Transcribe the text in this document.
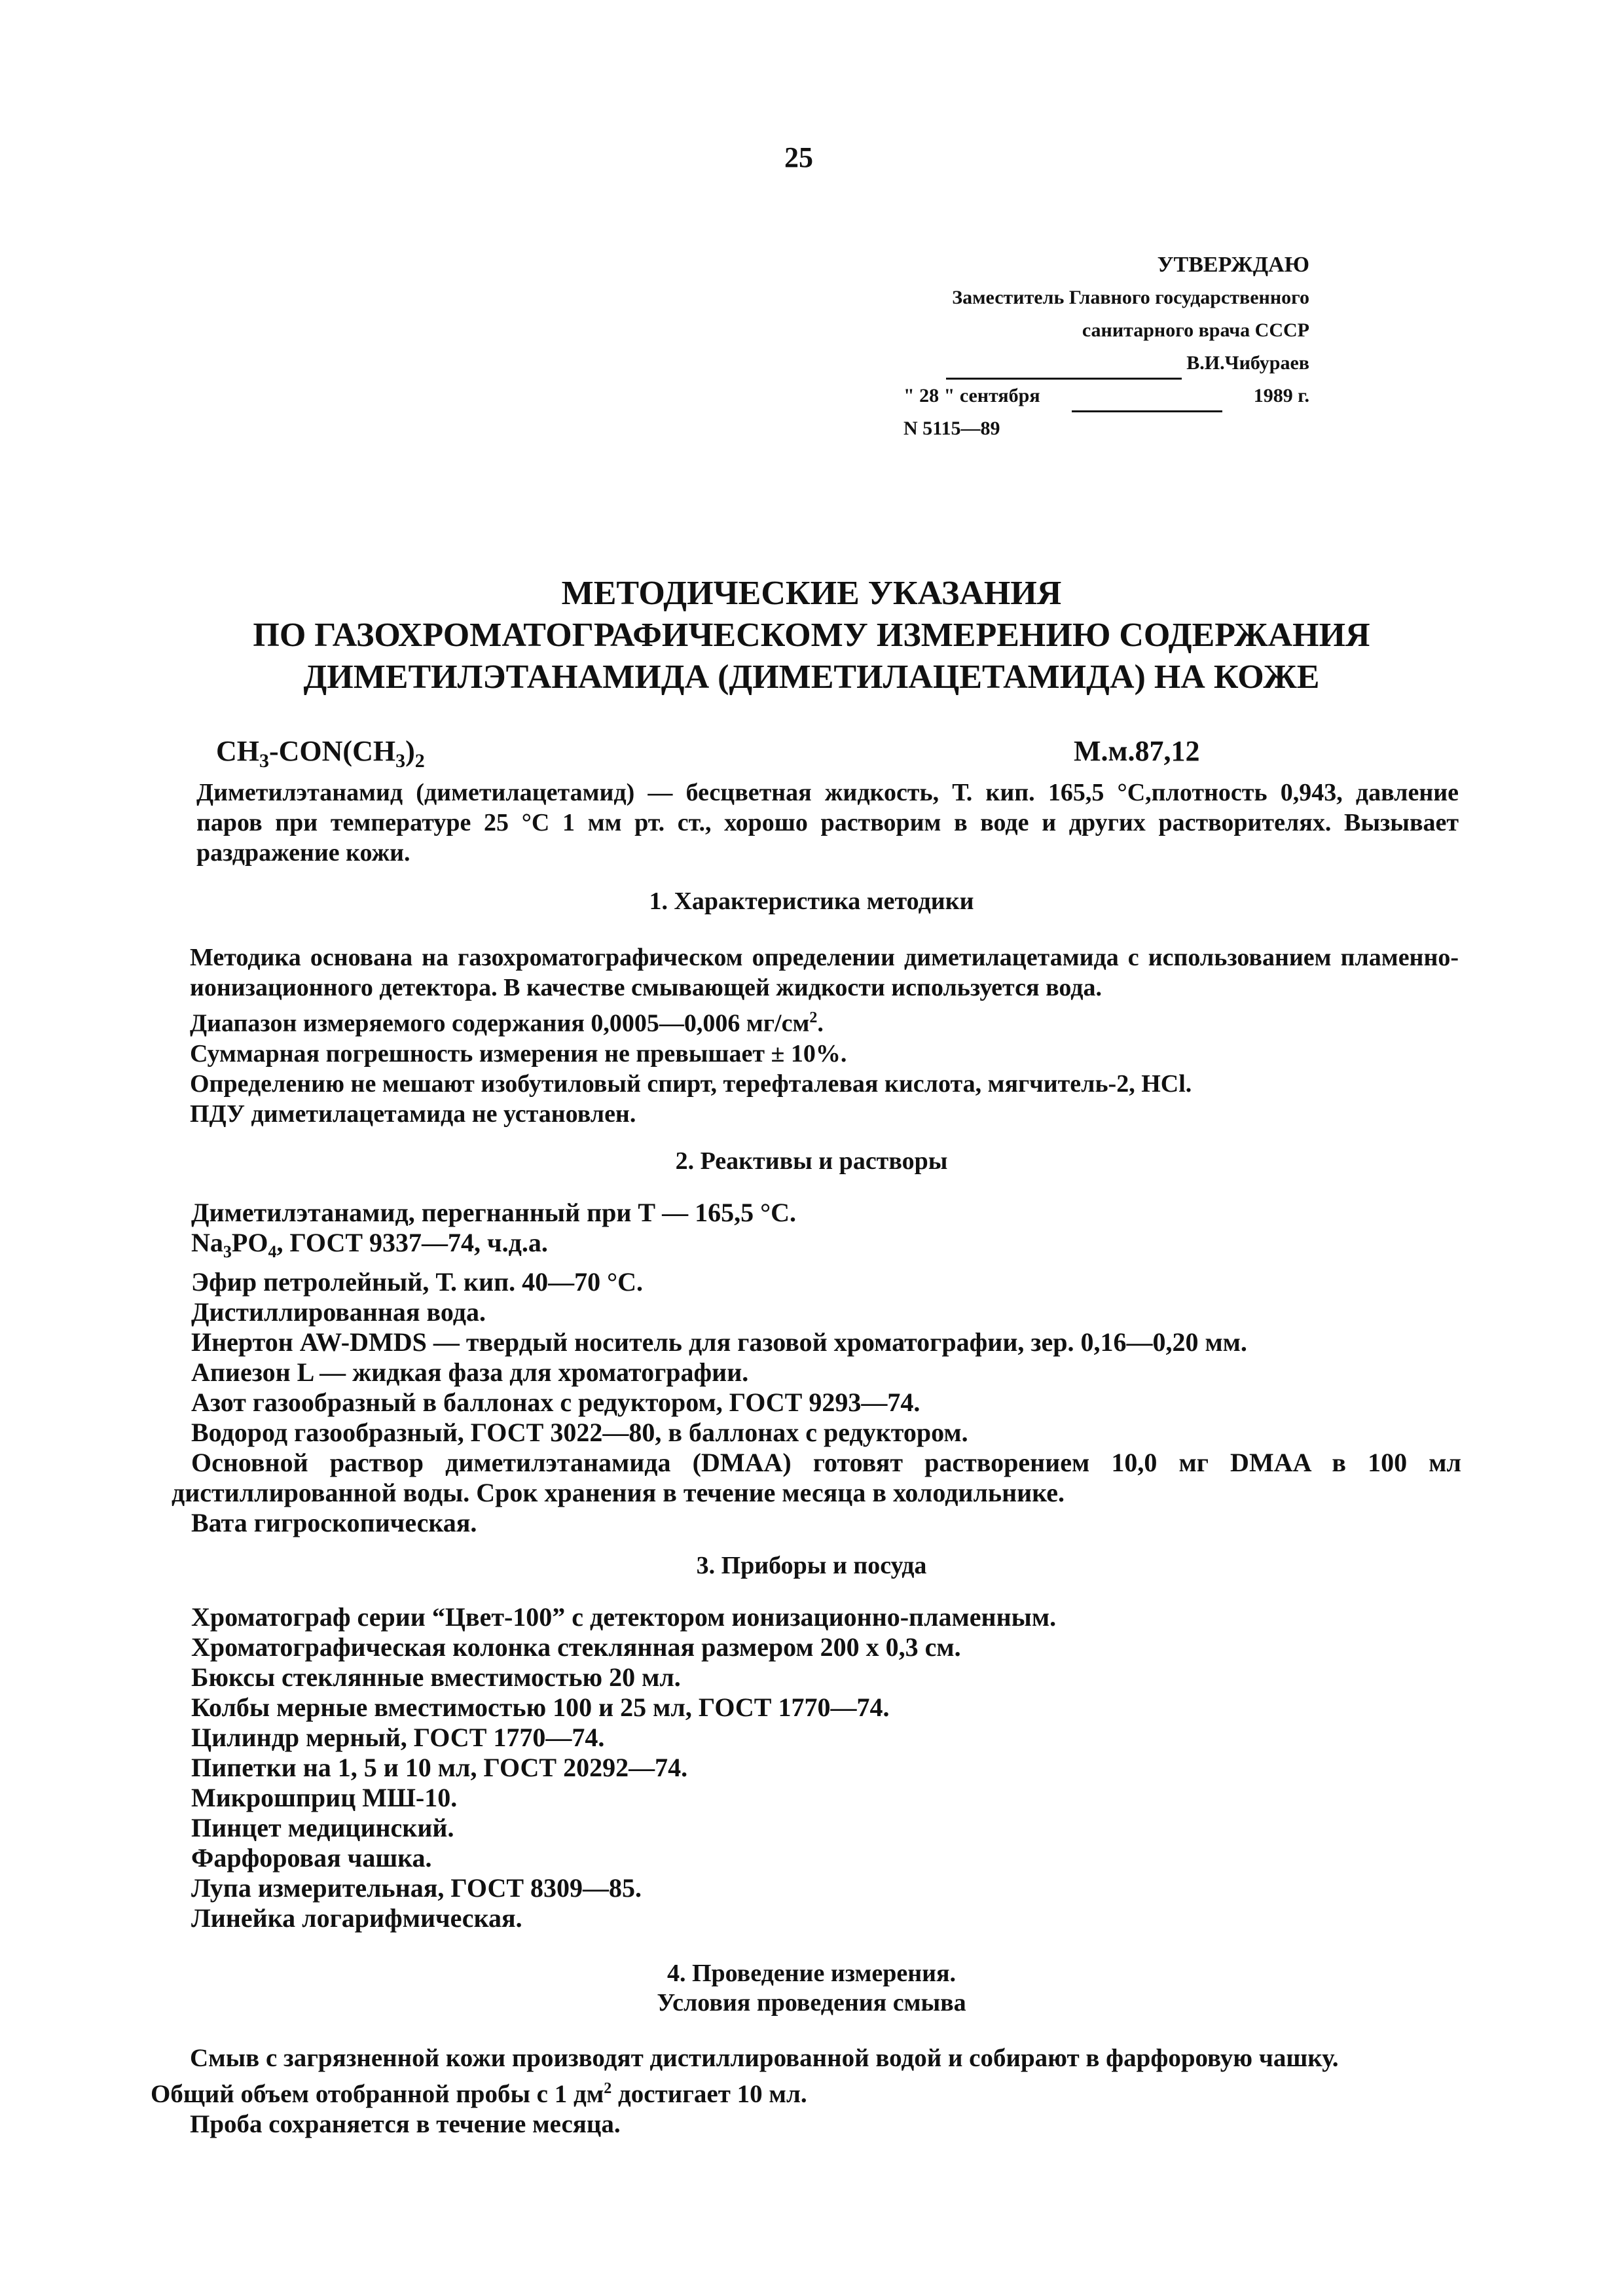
25
УТВЕРЖДАЮ
Заместитель Главного государственного
санитарного врача СССР
В.И.Чибураев
" 28 " сентября	1989 г.
N 5115—89
МЕТОДИЧЕСКИЕ УКАЗАНИЯ
ПО ГАЗОХРОМАТОГРАФИЧЕСКОМУ ИЗМЕРЕНИЮ СОДЕРЖАНИЯ
ДИМЕТИЛЭТАНАМИДА (ДИМЕТИЛАЦЕТАМИДА) НА КОЖЕ
$CH_3-CON(CH_3)_2$	М.м.87,12
Диметилэтанамид (диметилацетамид) — бесцветная жидкость, Т. кип. 165,5 °С,плотность 0,943, давление паров при температуре 25 °С 1 мм рт. ст., хорошо растворим в воде и других растворителях. Вызывает раздражение кожи.
1. Характеристика методики
Методика основана на газохроматографическом определении диметилацетамида с использованием пламенно-ионизационного детектора. В качестве смывающей жидкости используется вода.
Диапазон измеряемого содержания 0,0005—0,006 $мг/см^2$.
Суммарная погрешность измерения не превышает ± 10%.
Определению не мешают изобутиловый спирт, терефталевая кислота, мягчитель-2, HCl.
ПДУ диметилацетамида не установлен.
2. Реактивы и растворы
Диметилэтанамид, перегнанный при Т — 165,5 °С.
$Na_3PO_4$, ГОСТ 9337—74, ч.д.а.
Эфир петролейный, Т. кип. 40—70 °С.
Дистиллированная вода.
Инертон AW-DMDS — твердый носитель для газовой хроматографии, зер. 0,16—0,20 мм.
Апиезон L — жидкая фаза для хроматографии.
Азот газообразный в баллонах с редуктором, ГОСТ 9293—74.
Водород газообразный, ГОСТ 3022—80, в баллонах с редуктором.
Основной раствор диметилэтанамида (DMAA) готовят растворением 10,0 мг DMAA в 100 мл дистиллированной воды. Срок хранения в течение месяца в холодильнике.
Вата гигроскопическая.
3. Приборы и посуда
Хроматограф серии “Цвет-100” с детектором ионизационно-пламенным.
Хроматографическая колонка стеклянная размером 200 х 0,3 см.
Бюксы стеклянные вместимостью 20 мл.
Колбы мерные вместимостью 100 и 25 мл, ГОСТ 1770—74.
Цилиндр мерный, ГОСТ 1770—74.
Пипетки на 1, 5 и 10 мл, ГОСТ 20292—74.
Микрошприц МШ-10.
Пинцет медицинский.
Фарфоровая чашка.
Лупа измерительная, ГОСТ 8309—85.
Линейка логарифмическая.
4. Проведение измерения.
Условия проведения смыва
Смыв с загрязненной кожи производят дистиллированной водой и собирают в фарфоровую чашку.
Общий объем отобранной пробы с 1 $дм^2$ достигает 10 мл.
Проба сохраняется в течение месяца.
